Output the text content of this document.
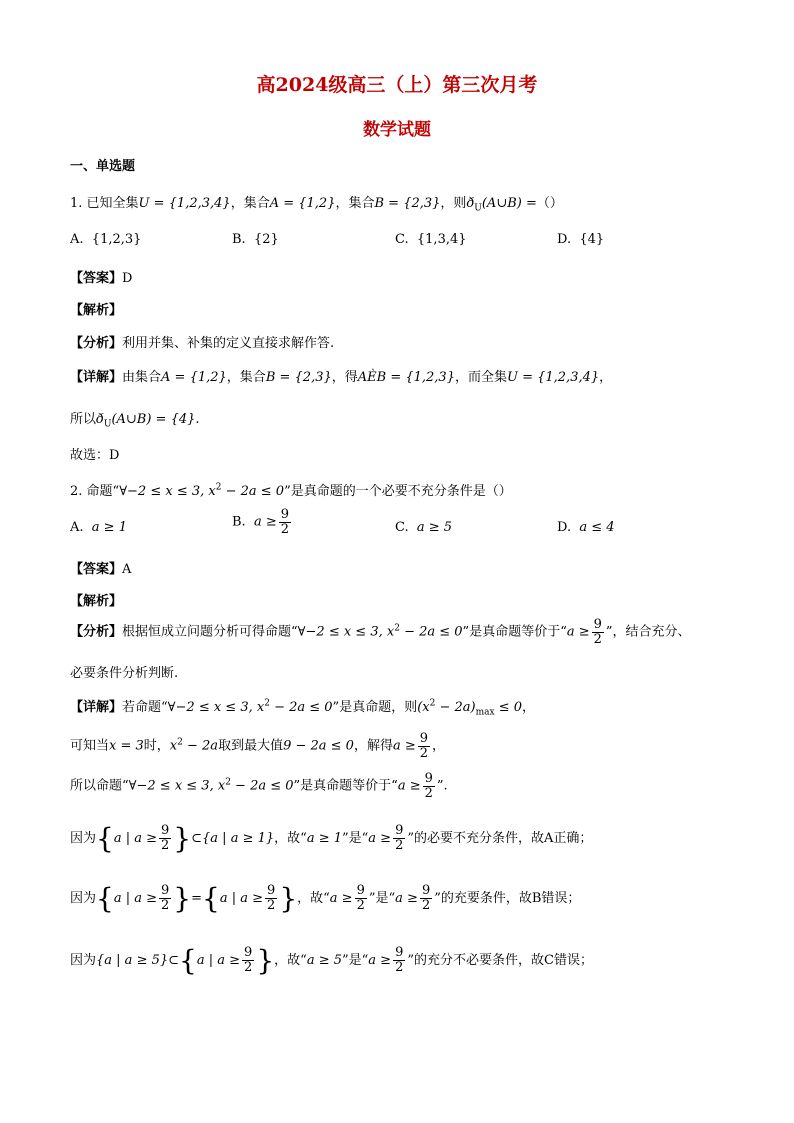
高2024级高三（上）第三次月考
数学试题
一、单选题
1. 已知全集U = {1,2,3,4}，集合A = {1,2}，集合B = {2,3}，则$ð_U(A\cup B)$ =（）
A. {1,2,3}	B. {2}	C. {1,3,4}	D. {4}
【答案】D
【解析】
【分析】利用并集、补集的定义直接求解作答.
【详解】由集合A = {1,2}，集合B = {2,3}，得AÈB = {1,2,3}，而全集U = {1,2,3,4}，
所以$ð_U(A\cup B) = \{4\}$.
故选：D
2. 命题“∀−2 ≤ x ≤ 3, $x^2 - 2a \le 0$”是真命题的一个必要不充分条件是（）
A. a ≥ 1	B. $a \ge \frac{9}{2}$	C. a ≥ 5	D. a ≤ 4
【答案】A
【解析】
【分析】根据恒成立问题分析可得命题“∀−2 ≤ x ≤ 3, $x^2 - 2a \le 0$”是真命题等价于“$a \ge \frac{9}{2}$ ”，结合充分、
必要条件分析判断.
【详解】若命题“∀−2 ≤ x ≤ 3, $x^2 - 2a \le 0$”是真命题，则$(x^2 - 2a)_{max} \le 0$，
可知当x = 3时，$x^2 - 2a$取到最大值9 − 2a ≤ 0，解得$a \ge \frac{9}{2}$ ，
所以命题“∀−2 ≤ x ≤ 3, $x^2 - 2a \le 0$”是真命题等价于“$a \ge \frac{9}{2}$ ”.
因为{a | $a \ge \frac{9}{2}$ }⊂{a | a ≥ 1}，故“a ≥ 1”是“$a \ge \frac{9}{2}$ ”的必要不充分条件，故A正确；
因为{a | $a \ge \frac{9}{2} \}=\{a$ | $a \ge \frac{9}{2}$ }，故“$a \ge \frac{9}{2}$ ”是“$a \ge \frac{9}{2}$ ”的充要条件，故B错误；
因为{a | a ≥ 5}⊂{a | $a \ge \frac{9}{2}$ }，故“a ≥ 5”是“$a \ge \frac{9}{2}$ ”的充分不必要条件，故C错误；
